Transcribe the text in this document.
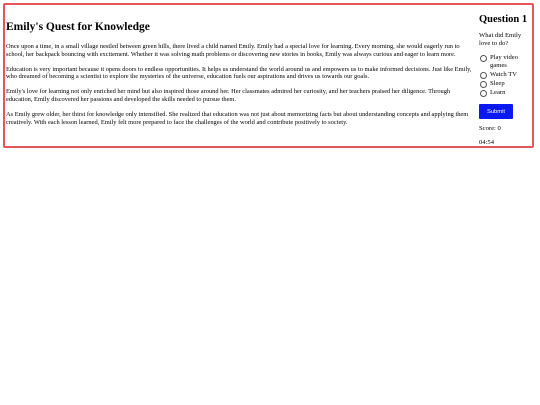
Emily's Quest for Knowledge

Once upon a time, in a small village nestled between green hills, there lived a child named Emily. Emily had a special love for learning. Every morning, she would eagerly run to school, her backpack bouncing with excitement. Whether it was solving math problems or discovering new stories in books, Emily was always curious and eager to learn more.

Education is very important because it opens doors to endless opportunities. It helps us understand the world around us and empowers us to make informed decisions. Just like Emily, who dreamed of becoming a scientist to explore the mysteries of the universe, education fuels our aspirations and drives us towards our goals.

Emily's love for learning not only enriched her mind but also inspired those around her. Her classmates admired her curiosity, and her teachers praised her diligence. Through education, Emily discovered her passions and developed the skills needed to pursue them.

As Emily grew older, her thirst for knowledge only intensified. She realized that education was not just about memorizing facts but about understanding concepts and applying them creatively. With each lesson learned, Emily felt more prepared to face the challenges of the world and contribute positively to society.

Question 1
What did Emily love to do?
Play video games
Watch TV
Sleep
Learn
Submit
Score: 0
04:54
